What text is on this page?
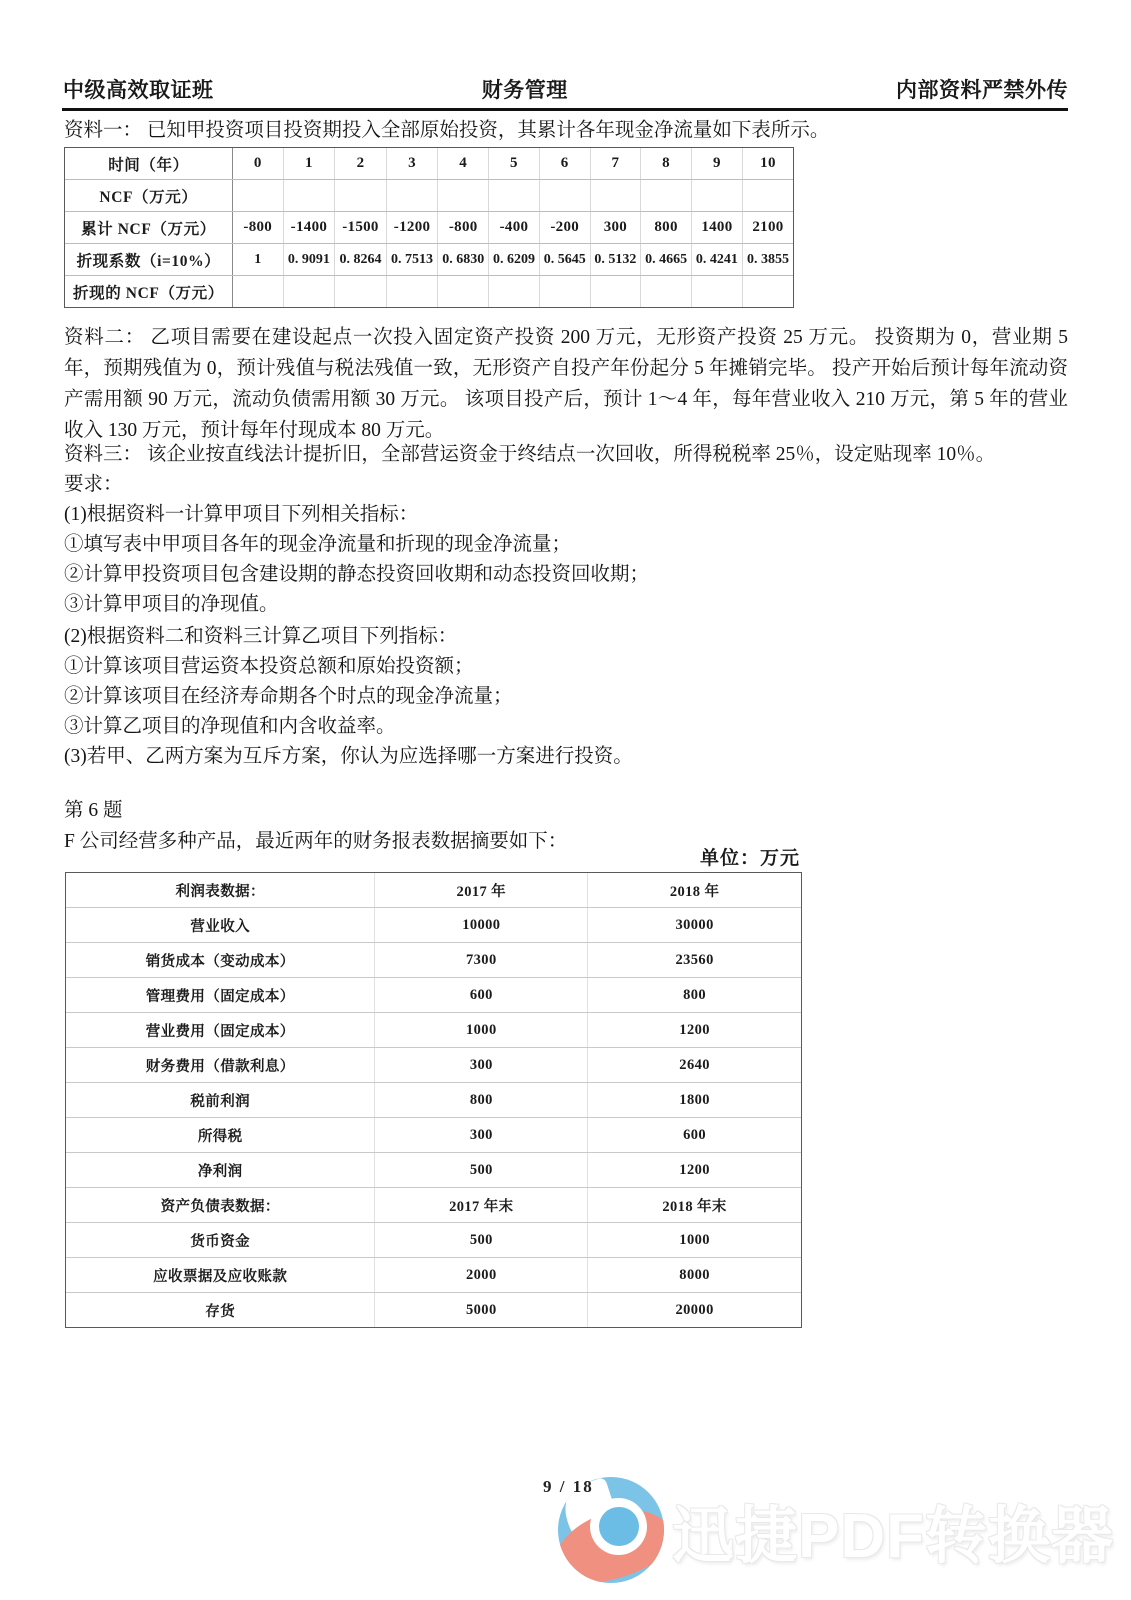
中级高效取证班	财务管理	内部资料严禁外传
资料一： 已知甲投资项目投资期投入全部原始投资，其累计各年现金净流量如下表所示。
时间（年）	0	1	2	3	4	5	6	7	8	9	10
NCF（万元）											
累计 NCF（万元）	-800	-1400	-1500	-1200	-800	-400	-200	300	800	1400	2100
折现系数（i=10%）	1	0. 9091	0. 8264	0. 7513	0. 6830	0. 6209	0. 5645	0. 5132	0. 4665	0. 4241	0. 3855
折现的 NCF（万元）											
资料二： 乙项目需要在建设起点一次投入固定资产投资 200 万元，无形资产投资 25 万元。 投资期为 0，营业期 5 年，预期残值为 0，预计残值与税法残值一致，无形资产自投产年份起分 5 年摊销完毕。 投产开始后预计每年流动资产需用额 90 万元，流动负债需用额 30 万元。 该项目投产后，预计 1～4 年，每年营业收入 210 万元，第 5 年的营业收入 130 万元，预计每年付现成本 80 万元。
资料三： 该企业按直线法计提折旧，全部营运资金于终结点一次回收，所得税税率 25％，设定贴现率 10％。
要求：
(1)根据资料一计算甲项目下列相关指标：
①填写表中甲项目各年的现金净流量和折现的现金净流量；
②计算甲投资项目包含建设期的静态投资回收期和动态投资回收期；
③计算甲项目的净现值。
(2)根据资料二和资料三计算乙项目下列指标：
①计算该项目营运资本投资总额和原始投资额；
②计算该项目在经济寿命期各个时点的现金净流量；
③计算乙项目的净现值和内含收益率。
(3)若甲、乙两方案为互斥方案，你认为应选择哪一方案进行投资。
第 6 题
F 公司经营多种产品，最近两年的财务报表数据摘要如下：
单位：万元
利润表数据：	2017 年	2018 年
营业收入	10000	30000
销货成本（变动成本）	7300	23560
管理费用（固定成本）	600	800
营业费用（固定成本）	1000	1200
财务费用（借款利息）	300	2640
税前利润	800	1800
所得税	300	600
净利润	500	1200
资产负债表数据：	2017 年末	2018 年末
货币资金	500	1000
应收票据及应收账款	2000	8000
存货	5000	20000
9 / 18
迅捷PDF转换器
